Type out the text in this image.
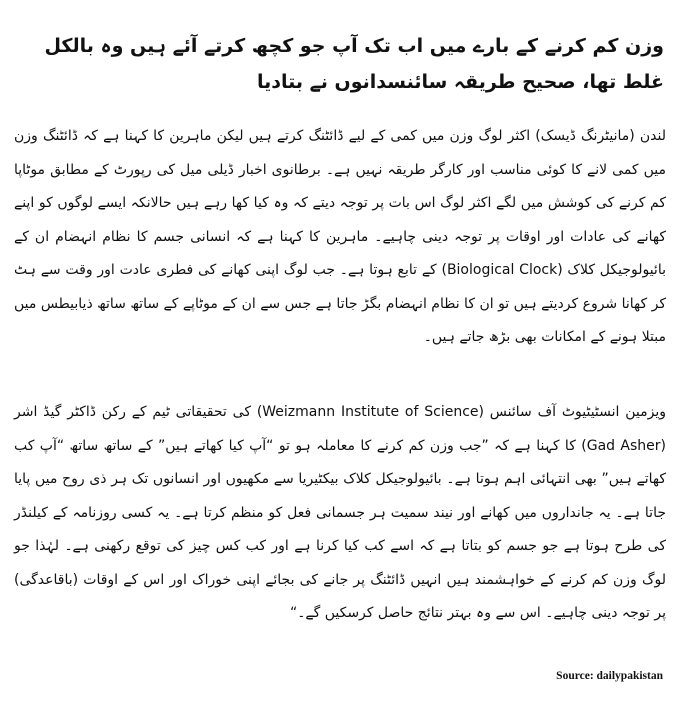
وزن کم کرنے کے بارے میں اب تک آپ جو کچھ کرتے آئے ہیں وہ بالکل غلط تھا، صحیح طریقہ سائنسدانوں نے بتادیا

لندن (مانیٹرنگ ڈیسک) اکثر لوگ وزن میں کمی کے لیے ڈائٹنگ کرتے ہیں لیکن ماہرین کا کہنا ہے کہ ڈائٹنگ وزن میں کمی لانے کا کوئی مناسب اور کارگر طریقہ نہیں ہے۔ برطانوی اخبار ڈیلی میل کی رپورٹ کے مطابق موٹاپا کم کرنے کی کوشش میں لگے اکثر لوگ اس بات پر توجہ دیتے کہ وہ کیا کھا رہے ہیں حالانکہ ایسے لوگوں کو اپنے کھانے کی عادات اور اوقات پر توجہ دینی چاہیے۔ ماہرین کا کہنا ہے کہ انسانی جسم کا نظام انہضام ان کے بائیولوجیکل کلاک (Biological Clock) کے تابع ہوتا ہے۔ جب لوگ اپنی کھانے کی فطری عادت اور وقت سے ہٹ کر کھانا شروع کردیتے ہیں تو ان کا نظام انہضام بگڑ جاتا ہے جس سے ان کے موٹاپے کے ساتھ ساتھ ذیابیطس میں مبتلا ہونے کے امکانات بھی بڑھ جاتے ہیں۔

ویزمین انسٹیٹیوٹ آف سائنس (Weizmann Institute of Science) کی تحقیقاتی ٹیم کے رکن ڈاکٹر گیڈ اشر (Gad Asher) کا کہنا ہے کہ ”جب وزن کم کرنے کا معاملہ ہو تو “آپ کیا کھاتے ہیں” کے ساتھ ساتھ “آپ کب کھاتے ہیں” بھی انتہائی اہم ہوتا ہے۔ بائیولوجیکل کلاک بیکٹیریا سے مکھیوں اور انسانوں تک ہر ذی روح میں پایا جاتا ہے۔ یہ جانداروں میں کھانے اور نیند سمیت ہر جسمانی فعل کو منظم کرتا ہے۔ یہ کسی روزنامہ کے کیلنڈر کی طرح ہوتا ہے جو جسم کو بتاتا ہے کہ اسے کب کیا کرنا ہے اور کب کس چیز کی توقع رکھنی ہے۔ لہٰذا جو لوگ وزن کم کرنے کے خواہشمند ہیں انہیں ڈائٹنگ پر جانے کی بجائے اپنی خوراک اور اس کے اوقات (باقاعدگی) پر توجہ دینی چاہیے۔ اس سے وہ بہتر نتائج حاصل کرسکیں گے۔“

Source: dailypakistan
